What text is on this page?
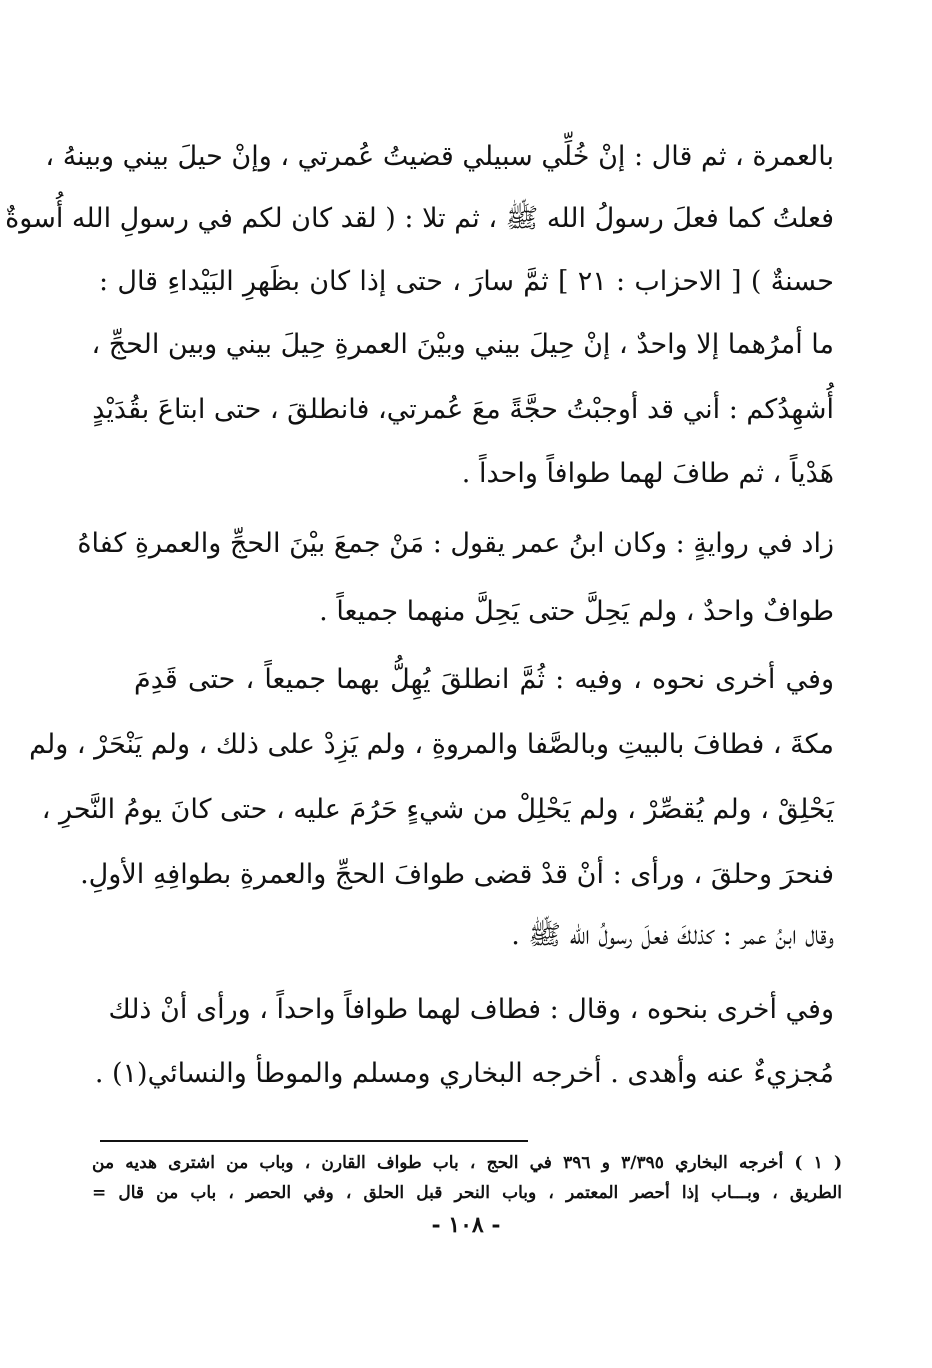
بالعمرة ، ثم قال : إنْ خُلِّي سبيلي قضيتُ عُمرتي ، وإنْ حيلَ بيني وبينهُ ،
فعلتُ كما فعلَ رسولُ الله ﷺ ، ثم تلا : ( لقد كان لكم في رسولِ الله أُسوةٌ
حسنةٌ ) [ الاحزاب : ٢١ ] ثمَّ سارَ ، حتى إذا كان بظَهرِ البَيْداءِ قال :
ما أمرُهما إلا واحدٌ ، إنْ حِيلَ بيني وبيْنَ العمرةِ حِيلَ بيني وبين الحجِّ ،
أُشهِدُكم : أني قد أوجبْتُ حجَّةً معَ عُمرتي، فانطلقَ ، حتى ابتاعَ بقُدَيْدٍ
هَدْياً ، ثم طافَ لهما طوافاً واحداً .
زاد في روايةٍ : وكان ابنُ عمر يقول : مَنْ جمعَ بيْنَ الحجِّ والعمرةِ كفاهُ
طوافٌ واحدٌ ، ولم يَحِلَّ حتى يَحِلَّ منهما جميعاً .
وفي أخرى نحوه ، وفيه : ثُمَّ انطلقَ يُهِلُّ بهما جميعاً ، حتى قَدِمَ
مكةَ ، فطافَ بالبيتِ وبالصَّفا والمروةِ ، ولم يَزِدْ على ذلك ، ولم يَنْحَرْ ، ولم
يَحْلِقْ ، ولم يُقصِّرْ ، ولم يَحْلِلْ من شيءٍ حَرُمَ عليه ، حتى كانَ يومُ النَّحرِ ،
فنحرَ وحلقَ ، ورأى : أنْ قدْ قضى طوافَ الحجِّ والعمرةِ بطوافِهِ الأولِ.
وقال ابنُ عمر : كذلكَ فعلَ رسولُ الله ﷺ .
وفي أخرى بنحوه ، وقال : فطاف لهما طوافاً واحداً ، ورأى أنْ ذلك
مُجزيءٌ عنه وأهدى . أخرجه البخاري ومسلم والموطأ والنسائي(١) .
( ١ ) أخرجه البخاري ٣/٣٩٥ و ٣٩٦ في الحج ، باب طواف القارن ، وباب من اشترى هديه من
الطريق ، وبـــاب إذا أحصر المعتمر ، وباب النحر قبل الحلق ، وفي الحصر ، باب من قال =
- ١٠٨ -
